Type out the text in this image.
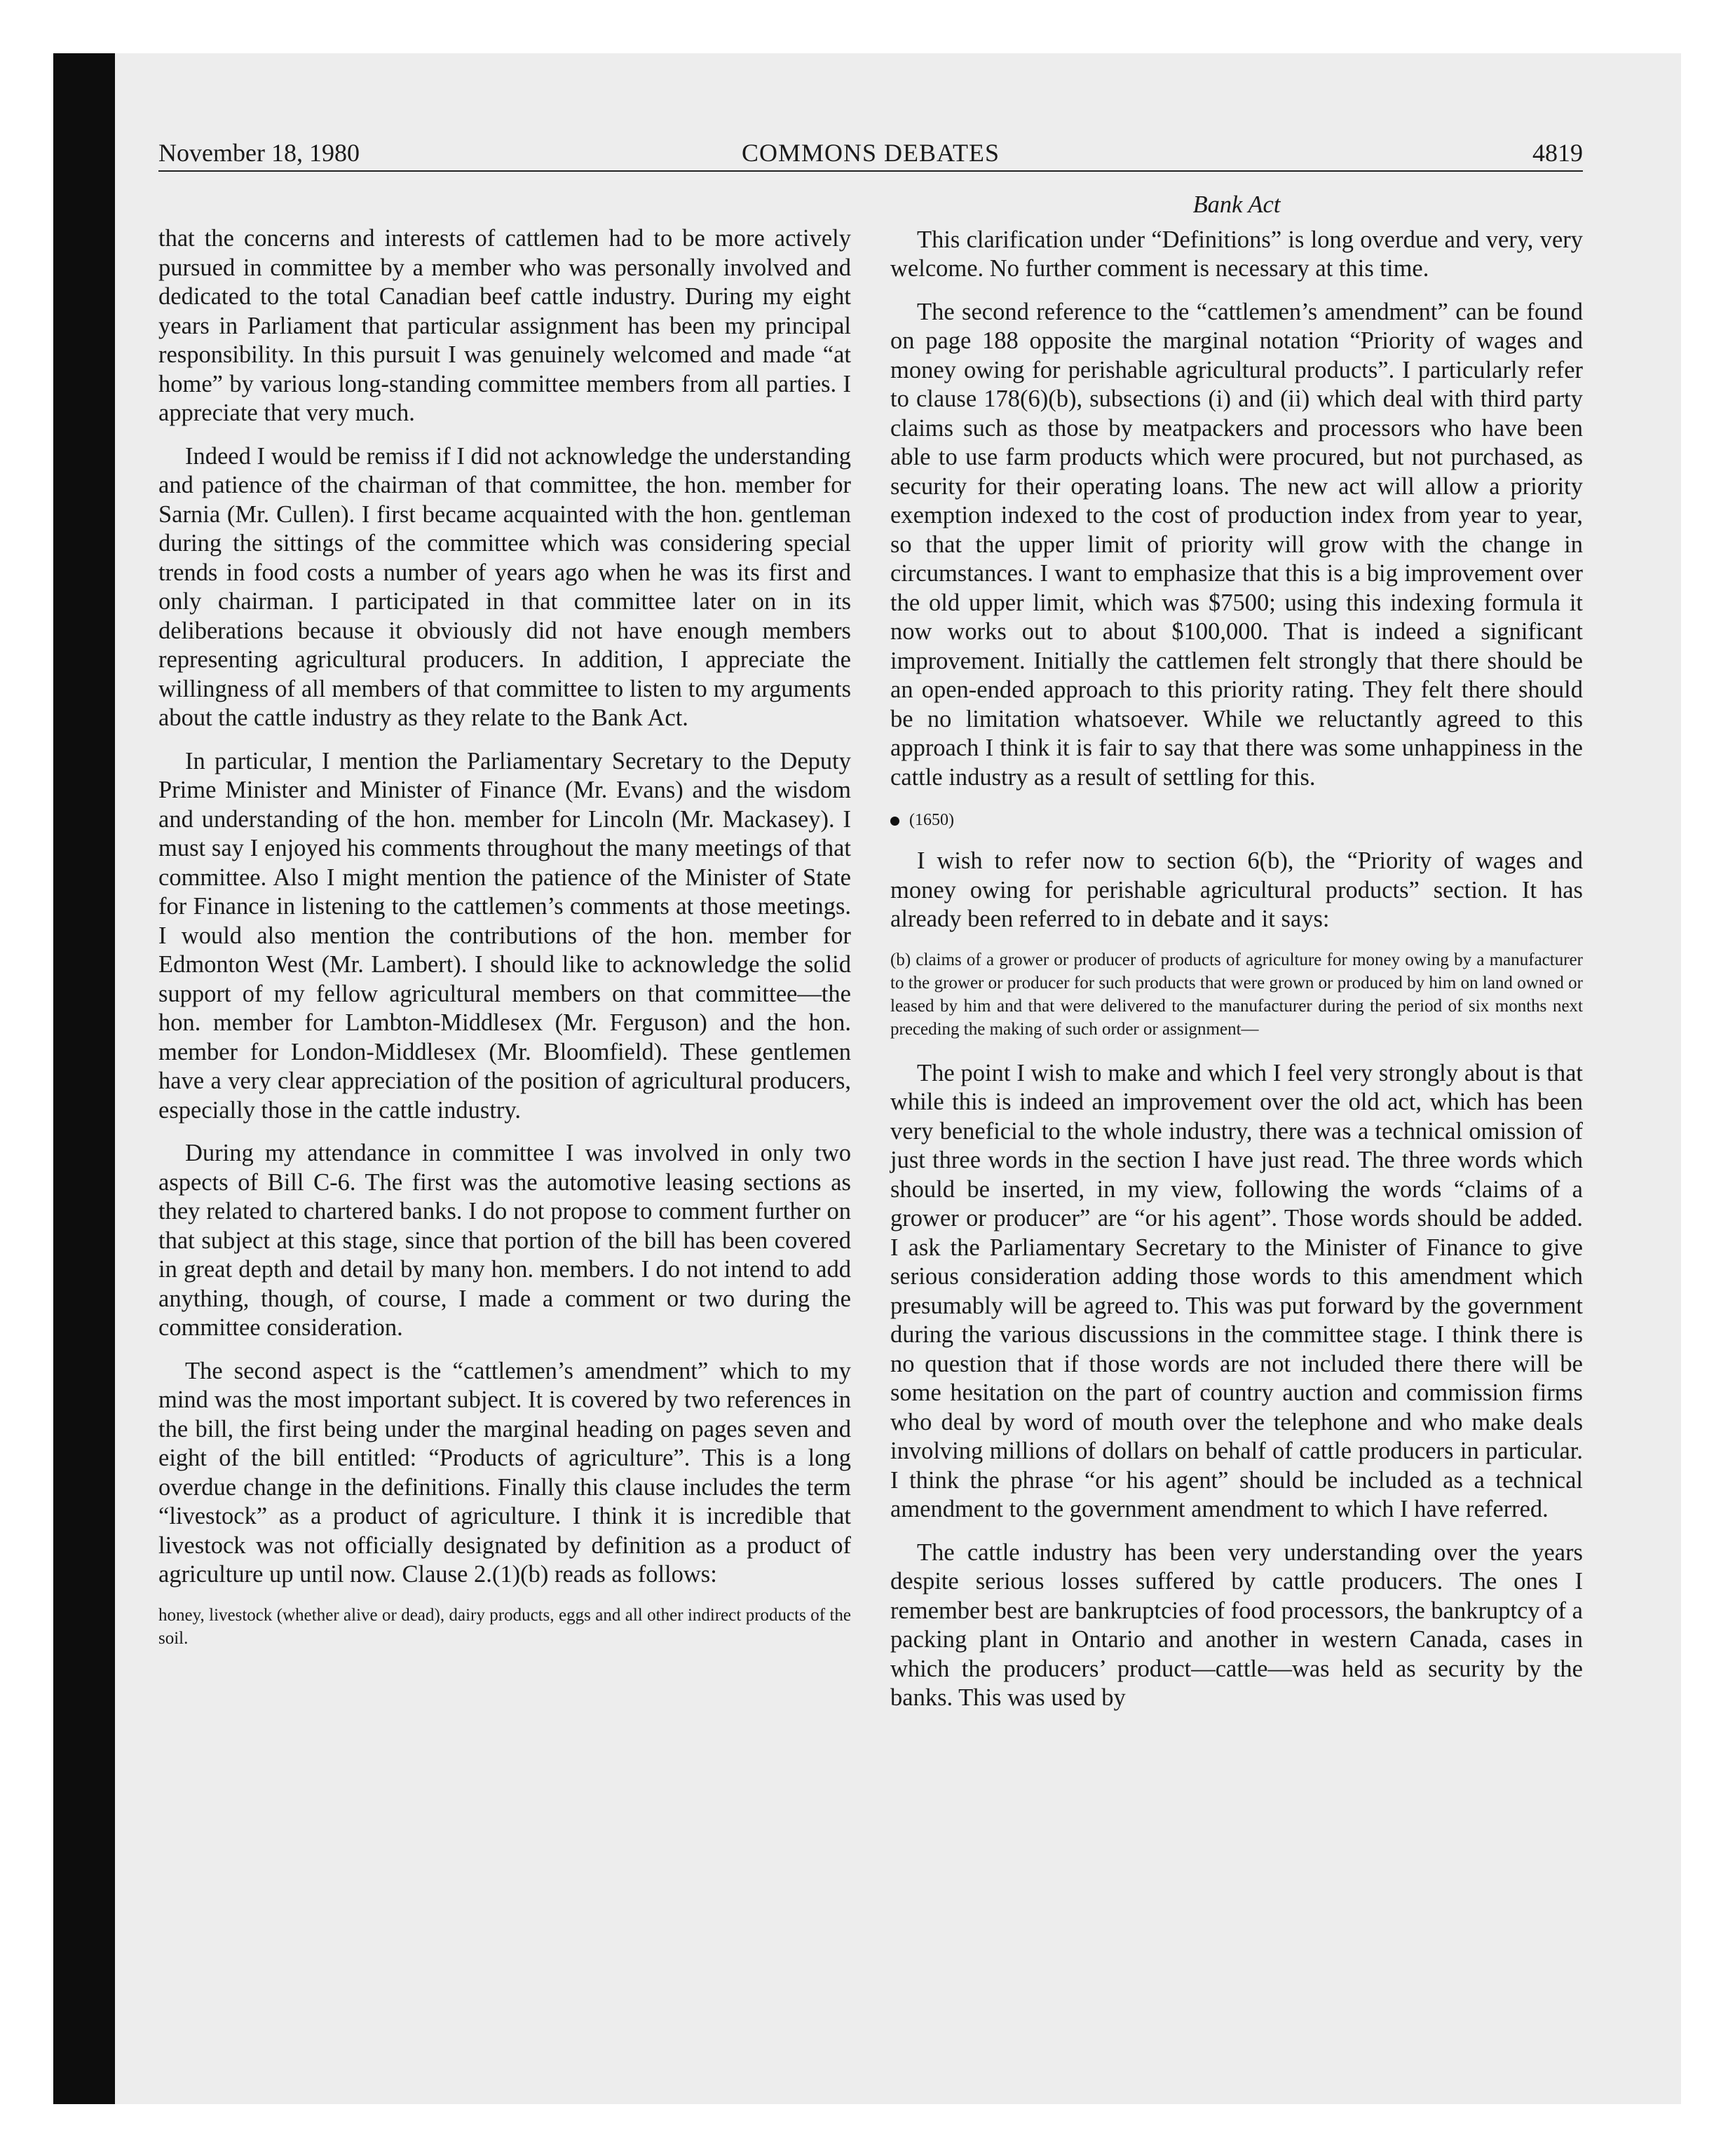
November 18, 1980	COMMONS DEBATES	4819

that the concerns and interests of cattlemen had to be more actively pursued in committee by a member who was personally involved and dedicated to the total Canadian beef cattle industry. During my eight years in Parliament that particular assignment has been my principal responsibility. In this pursuit I was genuinely welcomed and made “at home” by various long-standing committee members from all parties. I appreciate that very much.

Indeed I would be remiss if I did not acknowledge the understanding and patience of the chairman of that committee, the hon. member for Sarnia (Mr. Cullen). I first became acquainted with the hon. gentleman during the sittings of the committee which was considering special trends in food costs a number of years ago when he was its first and only chairman. I participated in that committee later on in its deliberations because it obviously did not have enough members representing agricultural producers. In addition, I appreciate the willingness of all members of that committee to listen to my arguments about the cattle industry as they relate to the Bank Act.

In particular, I mention the Parliamentary Secretary to the Deputy Prime Minister and Minister of Finance (Mr. Evans) and the wisdom and understanding of the hon. member for Lincoln (Mr. Mackasey). I must say I enjoyed his comments throughout the many meetings of that committee. Also I might mention the patience of the Minister of State for Finance in listening to the cattlemen’s comments at those meetings. I would also mention the contributions of the hon. member for Edmonton West (Mr. Lambert). I should like to acknowledge the solid support of my fellow agricultural members on that committee—the hon. member for Lambton-Middlesex (Mr. Ferguson) and the hon. member for London-Middlesex (Mr. Bloomfield). These gentlemen have a very clear appreciation of the position of agricultural producers, especially those in the cattle industry.

During my attendance in committee I was involved in only two aspects of Bill C-6. The first was the automotive leasing sections as they related to chartered banks. I do not propose to comment further on that subject at this stage, since that portion of the bill has been covered in great depth and detail by many hon. members. I do not intend to add anything, though, of course, I made a comment or two during the committee consideration.

The second aspect is the “cattlemen’s amendment” which to my mind was the most important subject. It is covered by two references in the bill, the first being under the marginal heading on pages seven and eight of the bill entitled: “Products of agriculture”. This is a long overdue change in the definitions. Finally this clause includes the term “livestock” as a product of agriculture. I think it is incredible that livestock was not officially designated by definition as a product of agriculture up until now. Clause 2.(1)(b) reads as follows:

honey, livestock (whether alive or dead), dairy products, eggs and all other indirect products of the soil.
Bank Act

This clarification under “Definitions” is long overdue and very, very welcome. No further comment is necessary at this time.

The second reference to the “cattlemen’s amendment” can be found on page 188 opposite the marginal notation “Priority of wages and money owing for perishable agricultural products”. I particularly refer to clause 178(6)(b), subsections (i) and (ii) which deal with third party claims such as those by meatpackers and processors who have been able to use farm products which were procured, but not purchased, as security for their operating loans. The new act will allow a priority exemption indexed to the cost of production index from year to year, so that the upper limit of priority will grow with the change in circumstances. I want to emphasize that this is a big improvement over the old upper limit, which was $7500; using this indexing formula it now works out to about $100,000. That is indeed a significant improvement. Initially the cattlemen felt strongly that there should be an open-ended approach to this priority rating. They felt there should be no limitation whatsoever. While we reluctantly agreed to this approach I think it is fair to say that there was some unhappiness in the cattle industry as a result of settling for this.

(1650)

I wish to refer now to section 6(b), the “Priority of wages and money owing for perishable agricultural products” section. It has already been referred to in debate and it says:

(b) claims of a grower or producer of products of agriculture for money owing by a manufacturer to the grower or producer for such products that were grown or produced by him on land owned or leased by him and that were delivered to the manufacturer during the period of six months next preceding the making of such order or assignment—

The point I wish to make and which I feel very strongly about is that while this is indeed an improvement over the old act, which has been very beneficial to the whole industry, there was a technical omission of just three words in the section I have just read. The three words which should be inserted, in my view, following the words “claims of a grower or producer” are “or his agent”. Those words should be added. I ask the Parliamentary Secretary to the Minister of Finance to give serious consideration adding those words to this amendment which presumably will be agreed to. This was put forward by the government during the various discussions in the committee stage. I think there is no question that if those words are not included there there will be some hesitation on the part of country auction and commission firms who deal by word of mouth over the telephone and who make deals involving millions of dollars on behalf of cattle producers in particular. I think the phrase “or his agent” should be included as a technical amendment to the government amendment to which I have referred.

The cattle industry has been very understanding over the years despite serious losses suffered by cattle producers. The ones I remember best are bankruptcies of food processors, the bankruptcy of a packing plant in Ontario and another in western Canada, cases in which the producers’ product—cattle—was held as security by the banks. This was used by
